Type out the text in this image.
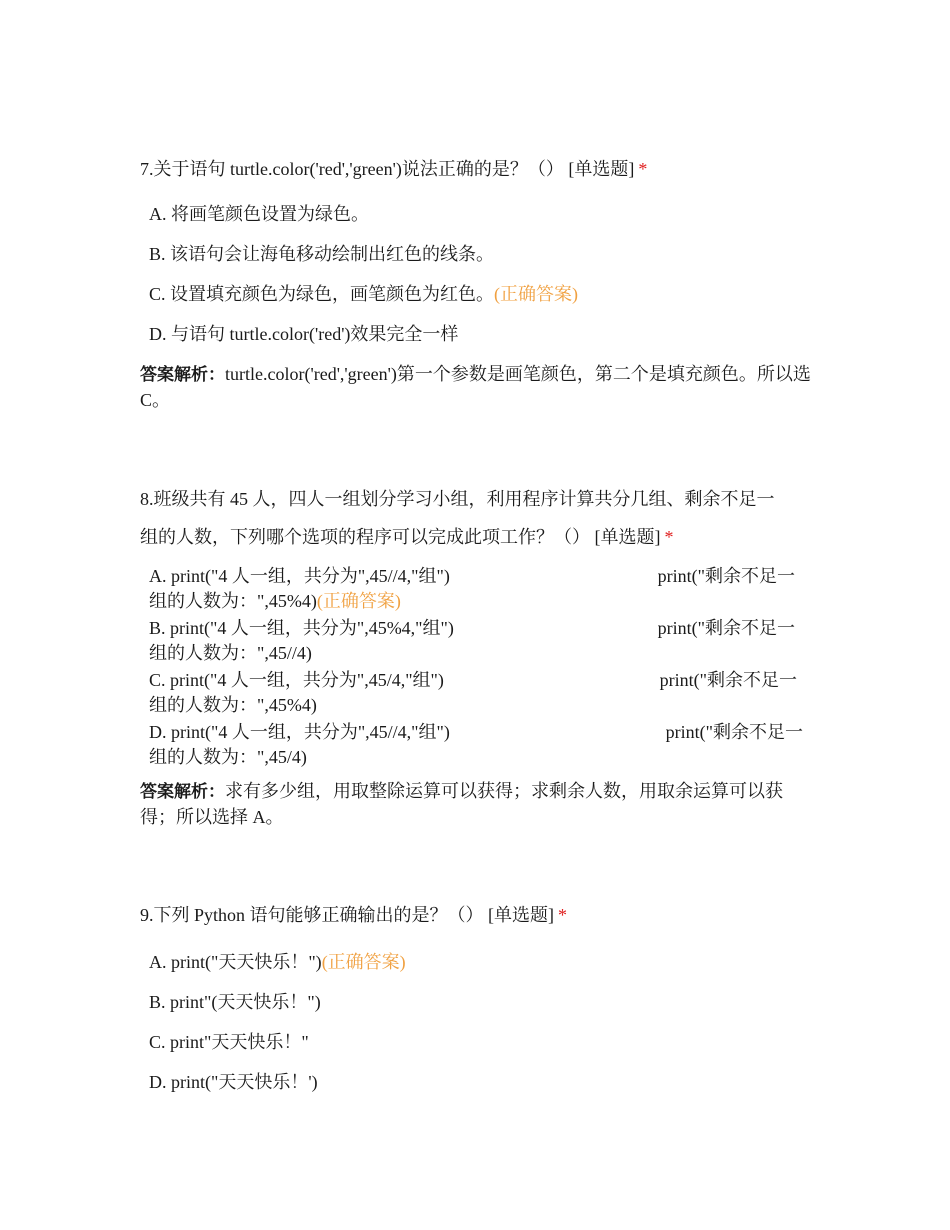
7.关于语句 turtle.color('red','green')说法正确的是？（） [单选题] *
A. 将画笔颜色设置为绿色。
B. 该语句会让海龟移动绘制出红色的线条。
C. 设置填充颜色为绿色，画笔颜色为红色。(正确答案)
D. 与语句 turtle.color('red')效果完全一样
答案解析：turtle.color('red','green')第一个参数是画笔颜色，第二个是填充颜色。所以选 C。
8.班级共有 45 人，四人一组划分学习小组，利用程序计算共分几组、剩余不足一
组的人数，下列哪个选项的程序可以完成此项工作？（） [单选题] *
A. print("4 人一组，共分为",45//4,"组")	print("剩余不足一
组的人数为：",45%4)(正确答案)
B. print("4 人一组，共分为",45%4,"组")	print("剩余不足一
组的人数为：",45//4)
C. print("4 人一组，共分为",45/4,"组")	print("剩余不足一
组的人数为：",45%4)
D. print("4 人一组，共分为",45//4,"组")	print("剩余不足一
组的人数为：",45/4)
答案解析：求有多少组，用取整除运算可以获得；求剩余人数，用取余运算可以获得；所以选择 A。
9.下列 Python 语句能够正确输出的是？（） [单选题] *
A. print("天天快乐！")(正确答案)
B. print"(天天快乐！")
C. print"天天快乐！"
D. print("天天快乐！')
